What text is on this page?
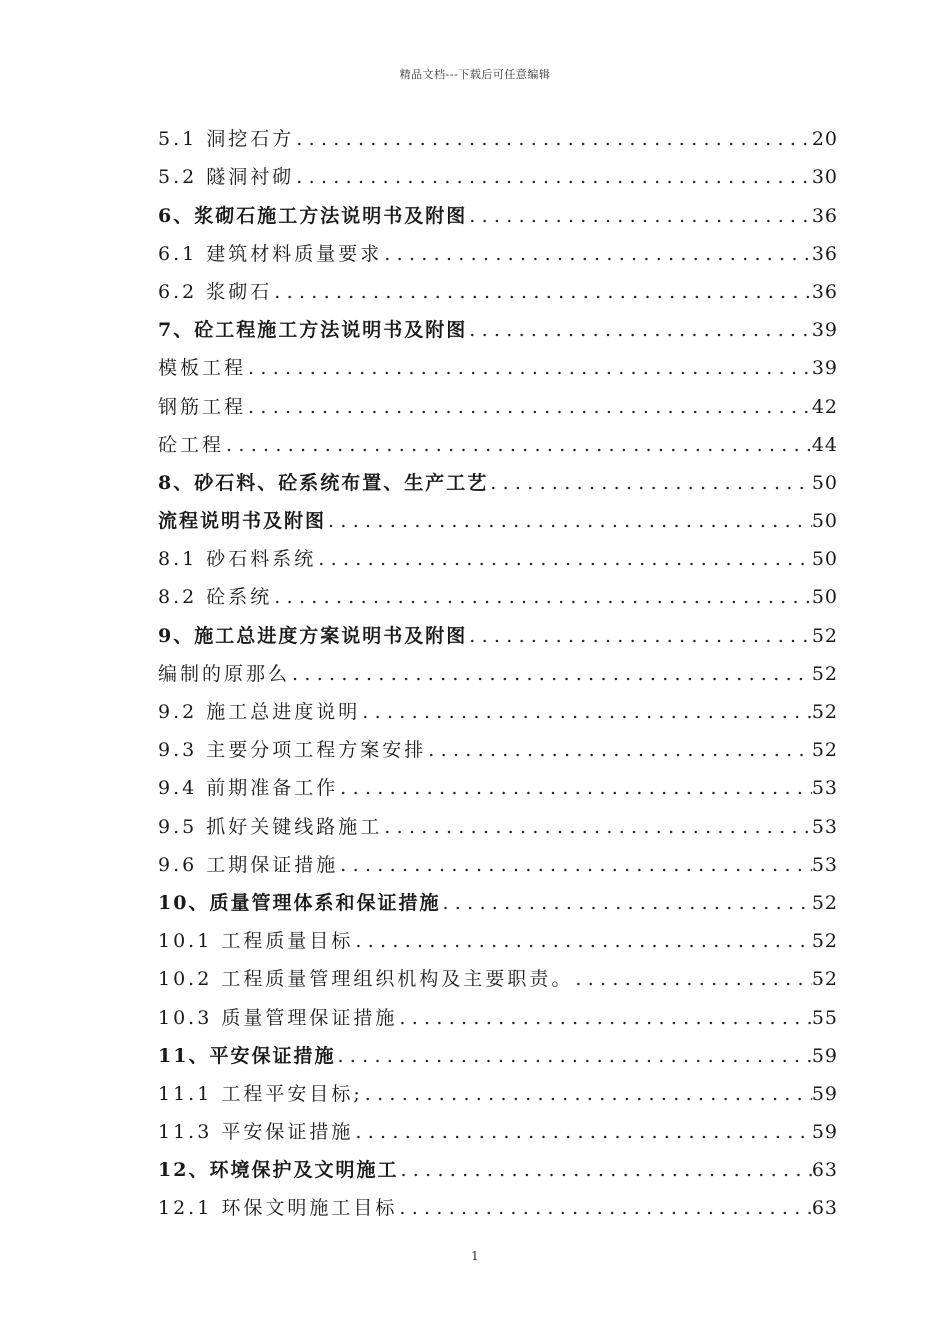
精品文档---下载后可任意编辑
5.1 洞挖石方 .....	20
5.2 隧洞衬砌 .....	30
6、浆砌石施工方法说明书及附图 .....	36
6.1 建筑材料质量要求 .....	36
6.2 浆砌石 .....	36
7、砼工程施工方法说明书及附图 .....	39
模板工程 .....	39
钢筋工程 .....	42
砼工程 .....	44
8、砂石料、砼系统布置、生产工艺 .....	50
流程说明书及附图 .....	50
8.1 砂石料系统 .....	50
8.2 砼系统 .....	50
9、施工总进度方案说明书及附图 .....	52
编制的原那么 .....	52
9.2 施工总进度说明 .....	52
9.3 主要分项工程方案安排 .....	52
9.4 前期准备工作 .....	53
9.5 抓好关键线路施工 .....	53
9.6 工期保证措施 .....	53
10、质量管理体系和保证措施 .....	52
10.1 工程质量目标 .....	52
10.2 工程质量管理组织机构及主要职责。 .....	52
10.3 质量管理保证措施 .....	55
11、平安保证措施 .....	59
11.1 工程平安目标; .....	59
11.3 平安保证措施 .....	59
12、环境保护及文明施工 .....	63
12.1 环保文明施工目标 .....	63
1
